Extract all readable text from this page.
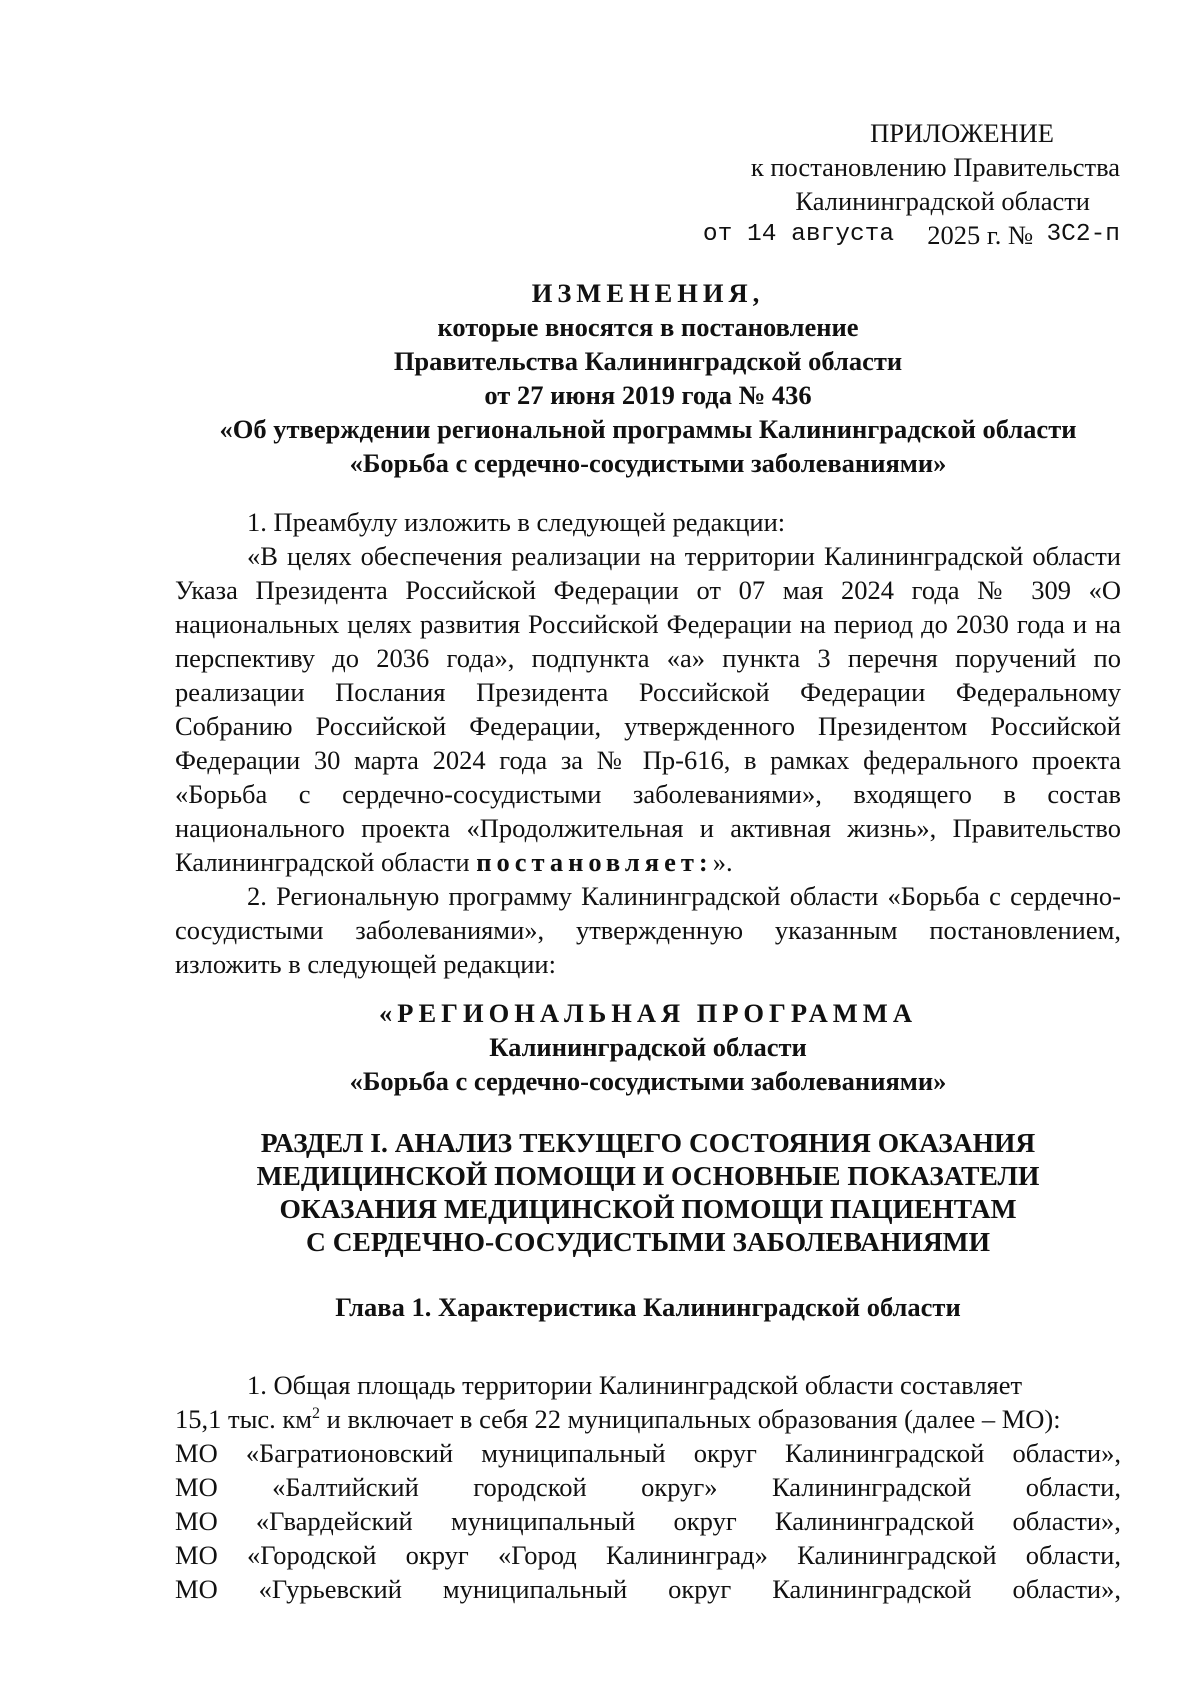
ПРИЛОЖЕНИЕ
к постановлению Правительства
Калининградской области
от 14 августа
2025 г. №
3С2-п
ИЗМЕНЕНИЯ,
которые вносятся в постановление
Правительства Калининградской области
от 27 июня 2019 года № 436
«Об утверждении региональной программы Калининградской области
«Борьба с сердечно-сосудистыми заболеваниями»

1. Преамбулу изложить в следующей редакции:

«В целях обеспечения реализации на территории Калининградской области Указа Президента Российской Федерации от 07 мая 2024 года № 309 «О национальных целях развития Российской Федерации на период до 2030 года и на перспективу до 2036 года», подпункта «а» пункта 3 перечня поручений по реализации Послания Президента Российской Федерации Федеральному Собранию Российской Федерации, утвержденного Президентом Российской Федерации 30 марта 2024 года за № Пр-616, в рамках федерального проекта «Борьба с сердечно-сосудистыми заболеваниями», входящего в состав национального проекта «Продолжительная и активная жизнь», Правительство Калининградской области постановляет:».

2. Региональную программу Калининградской области «Борьба с сердечно-сосудистыми заболеваниями», утвержденную указанным постановлением, изложить в следующей редакции:

«РЕГИОНАЛЬНАЯ ПРОГРАММА
Калининградской области
«Борьба с сердечно-сосудистыми заболеваниями»
РАЗДЕЛ I. АНАЛИЗ ТЕКУЩЕГО СОСТОЯНИЯ ОКАЗАНИЯ
МЕДИЦИНСКОЙ ПОМОЩИ И ОСНОВНЫЕ ПОКАЗАТЕЛИ
ОКАЗАНИЯ МЕДИЦИНСКОЙ ПОМОЩИ ПАЦИЕНТАМ
С СЕРДЕЧНО-СОСУДИСТЫМИ ЗАБОЛЕВАНИЯМИ
Глава 1. Характеристика Калининградской области
1. Общая площадь территории Калининградской области составляет
15,1 тыс. $км^2$ и включает в себя 22 муниципальных образования (далее – МО):
МО «Багратионовский муниципальный округ Калининградской области»,
МО «Балтийский городской округ» Калининградской области,
МО «Гвардейский муниципальный округ Калининградской области»,
МО «Городской округ «Город Калининград» Калининградской области,
МО «Гурьевский муниципальный округ Калининградской области»,
